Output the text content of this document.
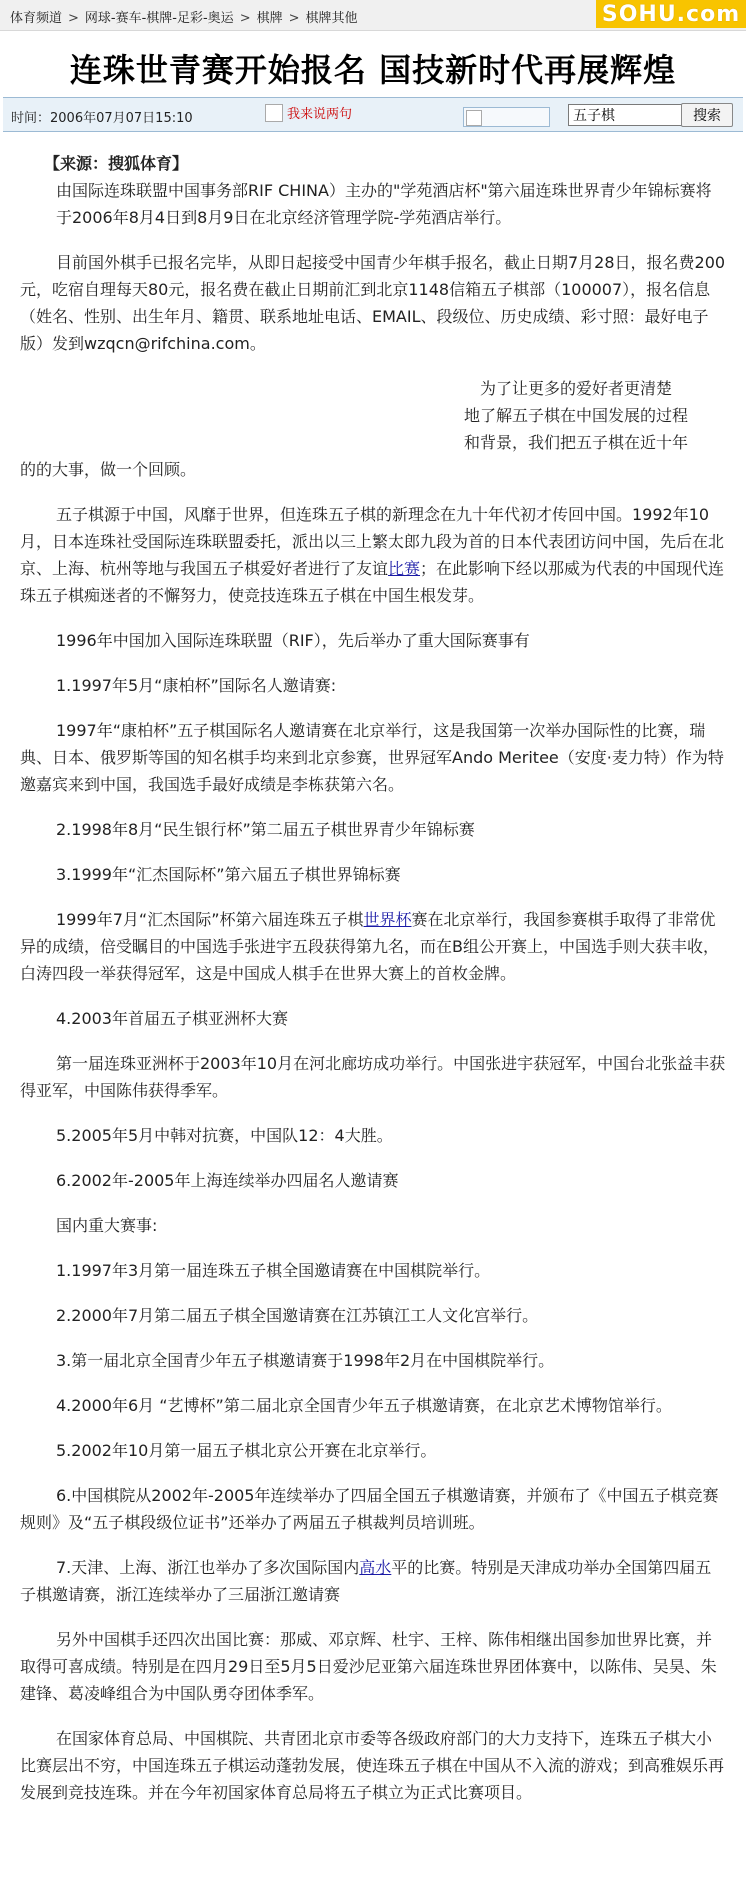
体育频道 > 网球-赛车-棋牌-足彩-奥运 > 棋牌 > 棋牌其他	SOHU.com
连珠世青赛开始报名 国技新时代再展辉煌
时间：2006年07月07日15:10	我来说两句
五子棋	搜索

【来源：搜狐体育】

由国际连珠联盟中国事务部RIF CHINA）主办的"学苑酒店杯"第六届连珠世界青少年锦标赛将于2006年8月4日到8月9日在北京经济管理学院-学苑酒店举行。

目前国外棋手已报名完毕，从即日起接受中国青少年棋手报名，截止日期7月28日，报名费200元，吃宿自理每天80元，报名费在截止日期前汇到北京1148信箱五子棋部（100007），报名信息（姓名、性别、出生年月、籍贯、联系地址电话、EMAIL、段级位、历史成绩、彩寸照：最好电子版）发到wzqcn@rifchina.com。

为了让更多的爱好者更清楚
地了解五子棋在中国发展的过程
和背景，我们把五子棋在近十年
的的大事，做一个回顾。

五子棋源于中国，风靡于世界，但连珠五子棋的新理念在九十年代初才传回中国。1992年10月，日本连珠社受国际连珠联盟委托，派出以三上繁太郎九段为首的日本代表团访问中国，先后在北京、上海、杭州等地与我国五子棋爱好者进行了友谊比赛；在此影响下经以那威为代表的中国现代连珠五子棋痴迷者的不懈努力，使竞技连珠五子棋在中国生根发芽。

1996年中国加入国际连珠联盟（RIF），先后举办了重大国际赛事有

1.1997年5月“康柏杯”国际名人邀请赛:

1997年“康柏杯”五子棋国际名人邀请赛在北京举行，这是我国第一次举办国际性的比赛，瑞典、日本、俄罗斯等国的知名棋手均来到北京参赛，世界冠军Ando Meritee（安度·麦力特）作为特邀嘉宾来到中国，我国选手最好成绩是李栋获第六名。

2.1998年8月“民生银行杯”第二届五子棋世界青少年锦标赛

3.1999年“汇杰国际杯”第六届五子棋世界锦标赛

1999年7月“汇杰国际”杯第六届连珠五子棋世界杯赛在北京举行，我国参赛棋手取得了非常优异的成绩，倍受瞩目的中国选手张进宇五段获得第九名，而在B组公开赛上，中国选手则大获丰收，白涛四段一举获得冠军，这是中国成人棋手在世界大赛上的首枚金牌。

4.2003年首届五子棋亚洲杯大赛

第一届连珠亚洲杯于2003年10月在河北廊坊成功举行。中国张进宇获冠军，中国台北张益丰获得亚军，中国陈伟获得季军。

5.2005年5月中韩对抗赛，中国队12：4大胜。

6.2002年-2005年上海连续举办四届名人邀请赛

国内重大赛事:

1.1997年3月第一届连珠五子棋全国邀请赛在中国棋院举行。

2.2000年7月第二届五子棋全国邀请赛在江苏镇江工人文化宫举行。

3.第一届北京全国青少年五子棋邀请赛于1998年2月在中国棋院举行。

4.2000年6月 “艺博杯”第二届北京全国青少年五子棋邀请赛，在北京艺术博物馆举行。

5.2002年10月第一届五子棋北京公开赛在北京举行。

6.中国棋院从2002年-2005年连续举办了四届全国五子棋邀请赛，并颁布了《中国五子棋竞赛规则》及“五子棋段级位证书”还举办了两届五子棋裁判员培训班。

7.天津、上海、浙江也举办了多次国际国内高水平的比赛。特别是天津成功举办全国第四届五子棋邀请赛，浙江连续举办了三届浙江邀请赛

另外中国棋手还四次出国比赛：那威、邓京辉、杜宇、王梓、陈伟相继出国参加世界比赛，并取得可喜成绩。特别是在四月29日至5月5日爱沙尼亚第六届连珠世界团体赛中，以陈伟、吴昊、朱建锋、葛凌峰组合为中国队勇夺团体季军。

在国家体育总局、中国棋院、共青团北京市委等各级政府部门的大力支持下，连珠五子棋大小比赛层出不穷，中国连珠五子棋运动蓬勃发展，使连珠五子棋在中国从不入流的游戏；到高雅娱乐再发展到竞技连珠。并在今年初国家体育总局将五子棋立为正式比赛项目。
